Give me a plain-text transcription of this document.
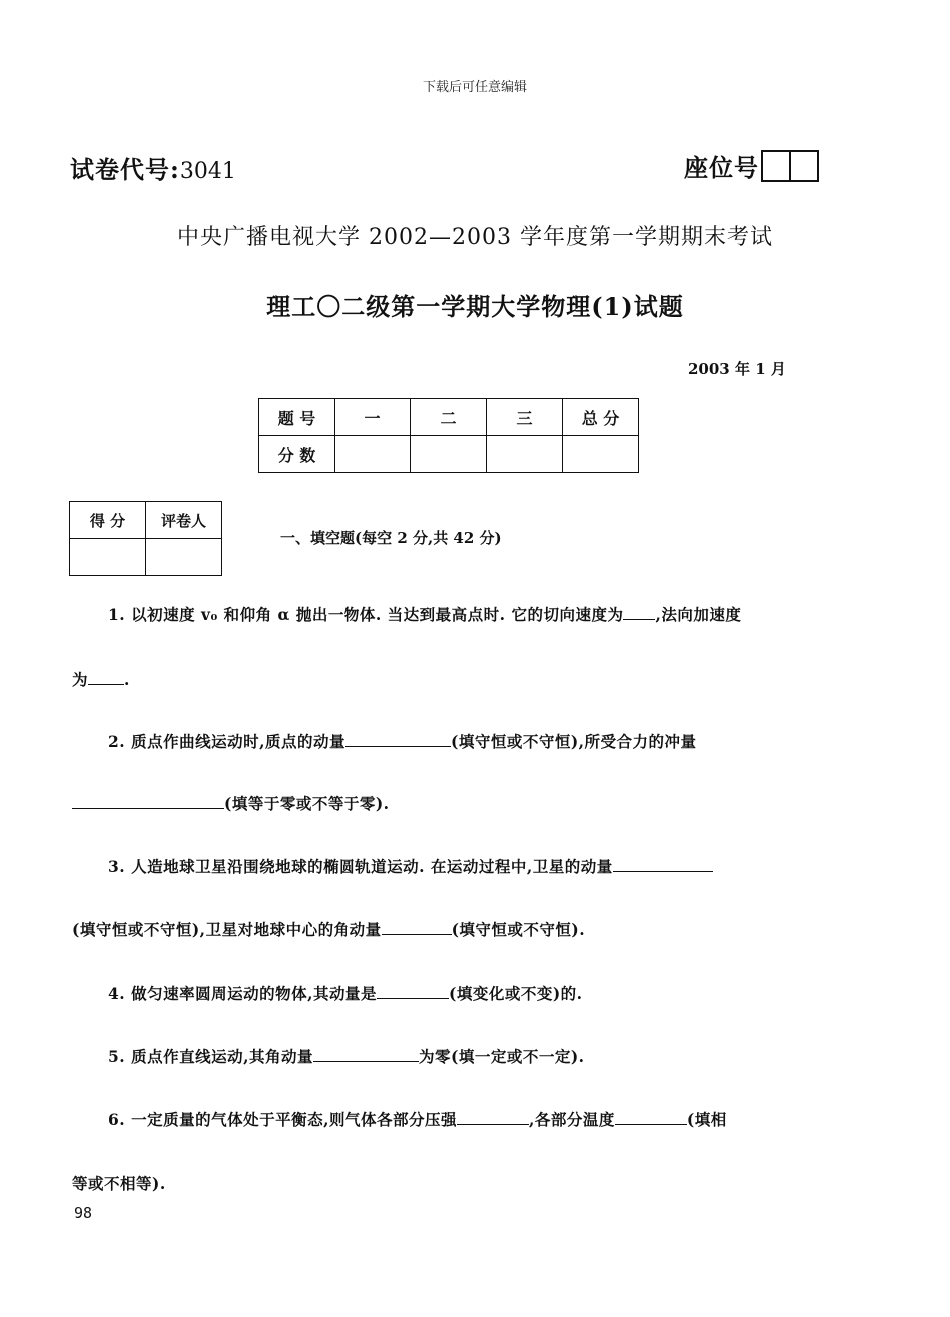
下载后可任意编辑
试卷代号:3041	座位号
中央广播电视大学 2002—2003 学年度第一学期期末考试
理工〇二级第一学期大学物理(1)试题
2003 年 1 月
题 号	一	二	三	总 分
分 数				
得 分	评卷人

一、填空题(每空 2 分,共 42 分)
1. 以初速度 v₀ 和仰角 α 抛出一物体. 当达到最高点时. 它的切向速度为 ,法向加速度
为 .
2. 质点作曲线运动时,质点的动量	(填守恒或不守恒),所受合力的冲量
(填等于零或不等于零).
3. 人造地球卫星沿围绕地球的椭圆轨道运动. 在运动过程中,卫星的动量
(填守恒或不守恒),卫星对地球中心的角动量	(填守恒或不守恒).
4. 做匀速率圆周运动的物体,其动量是	(填变化或不变)的.
5. 质点作直线运动,其角动量	为零(填一定或不一定).
6. 一定质量的气体处于平衡态,则气体各部分压强	,各部分温度	(填相
等或不相等).
98
